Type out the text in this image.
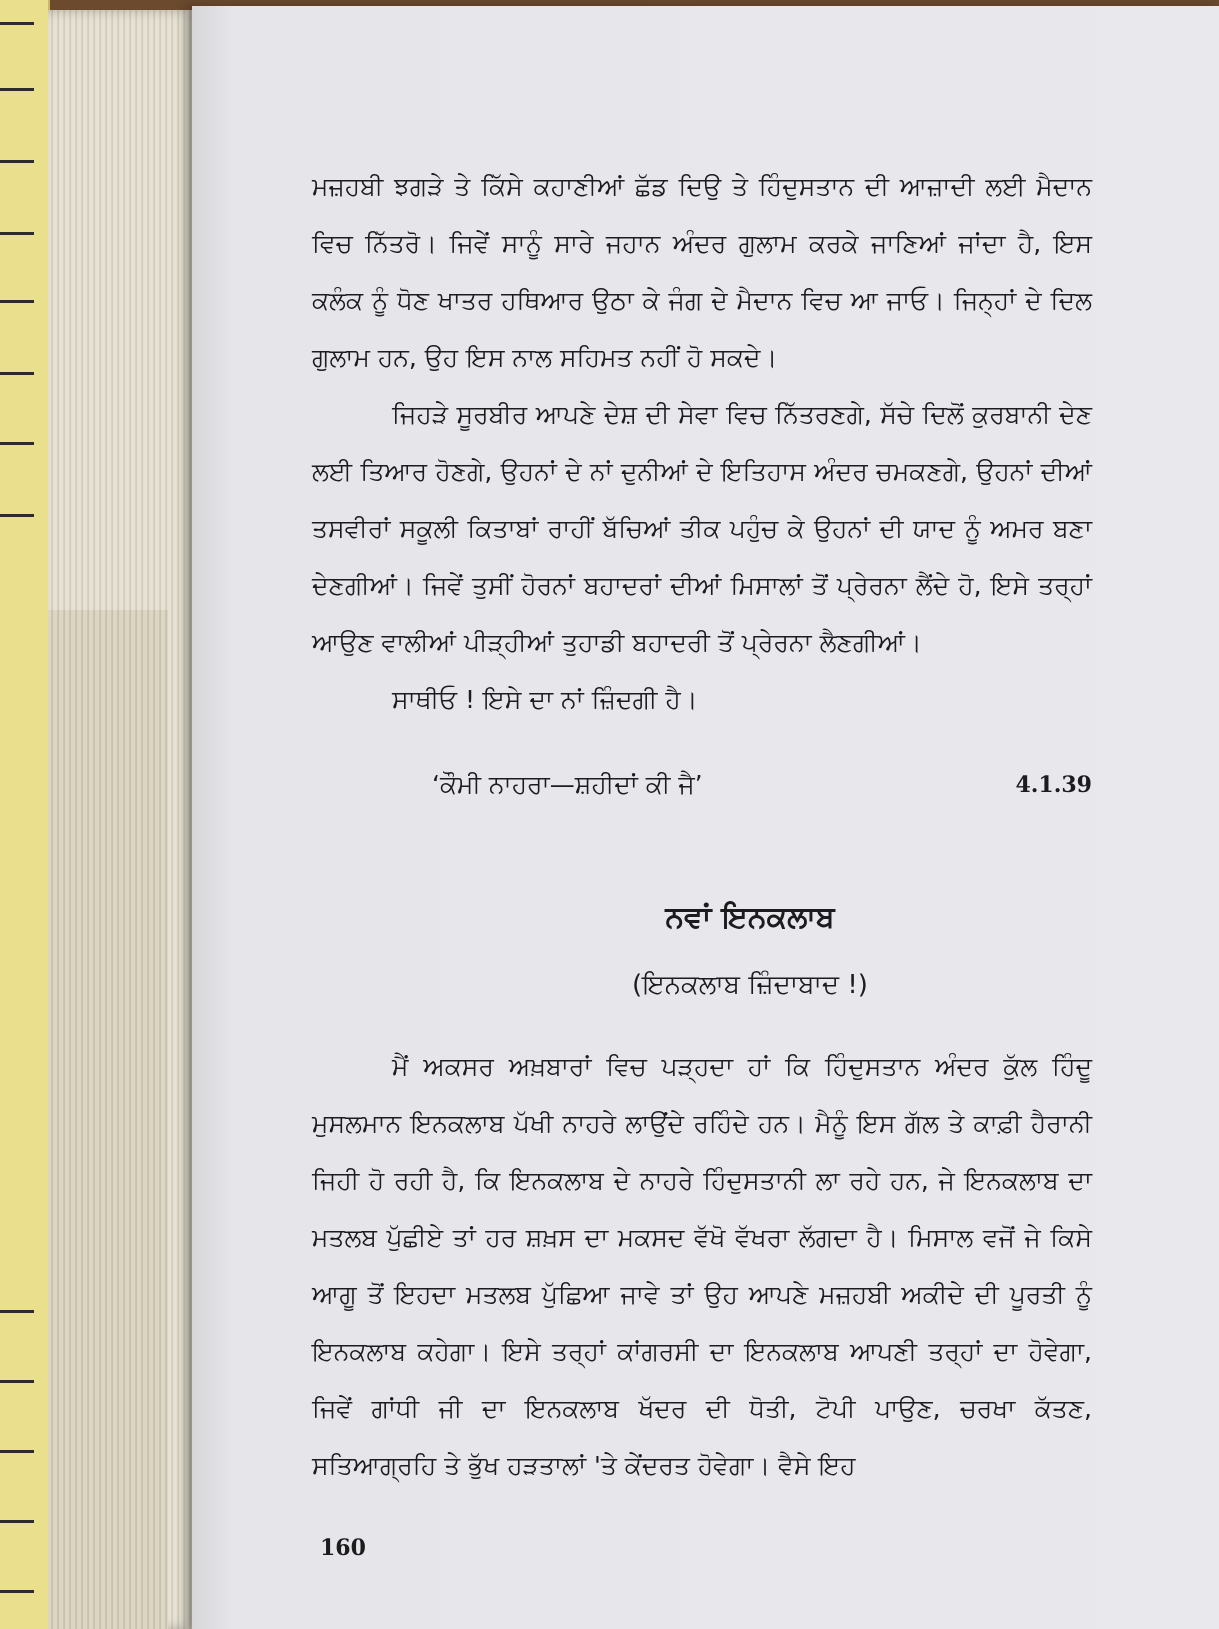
ਮਜ਼ਹਬੀ ਝਗੜੇ ਤੇ ਕਿੱਸੇ ਕਹਾਣੀਆਂ ਛੱਡ ਦਿਉ ਤੇ ਹਿੰਦੁਸਤਾਨ ਦੀ ਆਜ਼ਾਦੀ ਲਈ ਮੈਦਾਨ ਵਿਚ ਨਿੱਤਰੋ। ਜਿਵੇਂ ਸਾਨੂੰ ਸਾਰੇ ਜਹਾਨ ਅੰਦਰ ਗੁਲਾਮ ਕਰਕੇ ਜਾਣਿਆਂ ਜਾਂਦਾ ਹੈ, ਇਸ ਕਲੰਕ ਨੂੰ ਧੋਣ ਖਾਤਰ ਹਥਿਆਰ ਉਠਾ ਕੇ ਜੰਗ ਦੇ ਮੈਦਾਨ ਵਿਚ ਆ ਜਾਓ। ਜਿਨ੍ਹਾਂ ਦੇ ਦਿਲ ਗੁਲਾਮ ਹਨ, ਉਹ ਇਸ ਨਾਲ ਸਹਿਮਤ ਨਹੀਂ ਹੋ ਸਕਦੇ।

ਜਿਹੜੇ ਸੂਰਬੀਰ ਆਪਣੇ ਦੇਸ਼ ਦੀ ਸੇਵਾ ਵਿਚ ਨਿੱਤਰਣਗੇ, ਸੱਚੇ ਦਿਲੋਂ ਕੁਰਬਾਨੀ ਦੇਣ ਲਈ ਤਿਆਰ ਹੋਣਗੇ, ਉਹਨਾਂ ਦੇ ਨਾਂ ਦੁਨੀਆਂ ਦੇ ਇਤਿਹਾਸ ਅੰਦਰ ਚਮਕਣਗੇ, ਉਹਨਾਂ ਦੀਆਂ ਤਸਵੀਰਾਂ ਸਕੂਲੀ ਕਿਤਾਬਾਂ ਰਾਹੀਂ ਬੱਚਿਆਂ ਤੀਕ ਪਹੁੰਚ ਕੇ ਉਹਨਾਂ ਦੀ ਯਾਦ ਨੂੰ ਅਮਰ ਬਣਾ ਦੇਣਗੀਆਂ। ਜਿਵੇਂ ਤੁਸੀਂ ਹੋਰਨਾਂ ਬਹਾਦਰਾਂ ਦੀਆਂ ਮਿਸਾਲਾਂ ਤੋਂ ਪ੍ਰੇਰਨਾ ਲੈਂਦੇ ਹੋ, ਇਸੇ ਤਰ੍ਹਾਂ ਆਉਣ ਵਾਲੀਆਂ ਪੀੜ੍ਹੀਆਂ ਤੁਹਾਡੀ ਬਹਾਦਰੀ ਤੋਂ ਪ੍ਰੇਰਨਾ ਲੈਣਗੀਆਂ।

ਸਾਥੀਓ ! ਇਸੇ ਦਾ ਨਾਂ ਜ਼ਿੰਦਗੀ ਹੈ।

‘ਕੌਮੀ ਨਾਹਰਾ—ਸ਼ਹੀਦਾਂ ਕੀ ਜੈ’	4.1.39
ਨਵਾਂ ਇਨਕਲਾਬ
(ਇਨਕਲਾਬ ਜ਼ਿੰਦਾਬਾਦ !)

ਮੈਂ ਅਕਸਰ ਅਖ਼ਬਾਰਾਂ ਵਿਚ ਪੜ੍ਹਦਾ ਹਾਂ ਕਿ ਹਿੰਦੁਸਤਾਨ ਅੰਦਰ ਕੁੱਲ ਹਿੰਦੂ ਮੁਸਲਮਾਨ ਇਨਕਲਾਬ ਪੱਖੀ ਨਾਹਰੇ ਲਾਉਂਦੇ ਰਹਿੰਦੇ ਹਨ। ਮੈਨੂੰ ਇਸ ਗੱਲ ਤੇ ਕਾਫ਼ੀ ਹੈਰਾਨੀ ਜਿਹੀ ਹੋ ਰਹੀ ਹੈ, ਕਿ ਇਨਕਲਾਬ ਦੇ ਨਾਹਰੇ ਹਿੰਦੁਸਤਾਨੀ ਲਾ ਰਹੇ ਹਨ, ਜੇ ਇਨਕਲਾਬ ਦਾ ਮਤਲਬ ਪੁੱਛੀਏ ਤਾਂ ਹਰ ਸ਼ਖ਼ਸ ਦਾ ਮਕਸਦ ਵੱਖੋ ਵੱਖਰਾ ਲੱਗਦਾ ਹੈ। ਮਿਸਾਲ ਵਜੋਂ ਜੇ ਕਿਸੇ ਆਗੂ ਤੋਂ ਇਹਦਾ ਮਤਲਬ ਪੁੱਛਿਆ ਜਾਵੇ ਤਾਂ ਉਹ ਆਪਣੇ ਮਜ਼ਹਬੀ ਅਕੀਦੇ ਦੀ ਪੂਰਤੀ ਨੂੰ ਇਨਕਲਾਬ ਕਹੇਗਾ। ਇਸੇ ਤਰ੍ਹਾਂ ਕਾਂਗਰਸੀ ਦਾ ਇਨਕਲਾਬ ਆਪਣੀ ਤਰ੍ਹਾਂ ਦਾ ਹੋਵੇਗਾ, ਜਿਵੇਂ ਗਾਂਧੀ ਜੀ ਦਾ ਇਨਕਲਾਬ ਖੱਦਰ ਦੀ ਧੋਤੀ, ਟੋਪੀ ਪਾਉਣ, ਚਰਖਾ ਕੱਤਣ, ਸਤਿਆਗ੍ਰਹਿ ਤੇ ਭੁੱਖ ਹੜਤਾਲਾਂ 'ਤੇ ਕੇਂਦਰਤ ਹੋਵੇਗਾ। ਵੈਸੇ ਇਹ

160
